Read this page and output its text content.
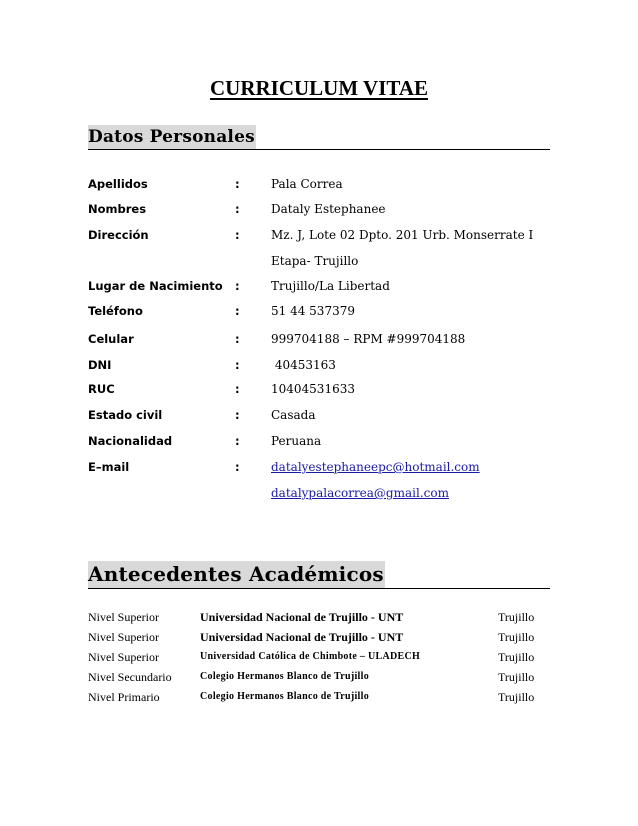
CURRICULUM VITAE
Datos Personales
Apellidos	:	Pala Correa
Nombres	:	Dataly Estephanee
Dirección	:	Mz. J, Lote 02 Dpto. 201 Urb. Monserrate I
Etapa- Trujillo
Lugar de Nacimiento :	Trujillo/La Libertad
Teléfono	:	51 44 537379
Celular	:	999704188 – RPM #999704188
DNI	:	40453163
RUC	:	10404531633
Estado civil	:	Casada
Nacionalidad	:	Peruana
E–mail	:	datalyestephaneepc@hotmail.com
datalypalacorrea@gmail.com
Antecedentes Académicos
Nivel Superior	Universidad Nacional de Trujillo - UNT	Trujillo
Nivel Superior	Universidad Nacional de Trujillo - UNT	Trujillo
Nivel Superior	Universidad Católica de Chimbote – ULADECH	Trujillo
Nivel Secundario	Colegio Hermanos Blanco de Trujillo	Trujillo
Nivel Primario	Colegio Hermanos Blanco de Trujillo	Trujillo
